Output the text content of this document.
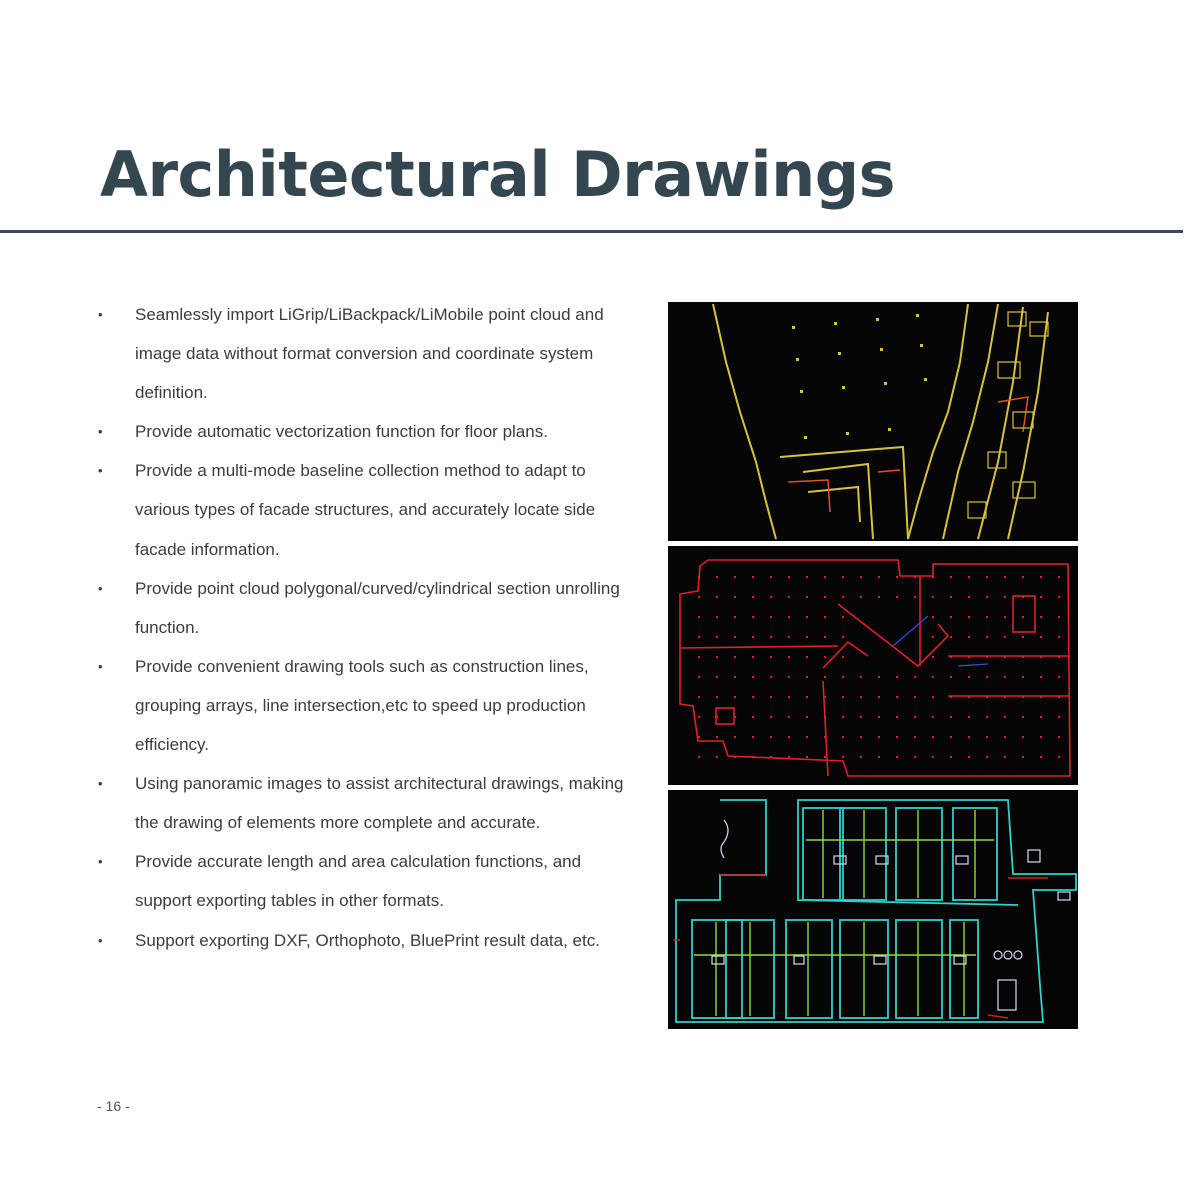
Architectural Drawings
• Seamlessly import LiGrip/LiBackpack/LiMobile point cloud and image data without format conversion and coordinate system definition.
• Provide automatic vectorization function for floor plans.
• Provide a multi-mode baseline collection method to adapt to various types of facade structures, and accurately locate side facade information.
• Provide point cloud polygonal/curved/cylindrical section unrolling function.
• Provide convenient drawing tools such as construction lines, grouping arrays, line intersection,etc to speed up production efficiency.
• Using panoramic images to assist architectural drawings, making the drawing of elements more complete and accurate.
• Provide accurate length and area calculation functions, and support exporting tables in other formats.
• Support exporting DXF, Orthophoto, BluePrint result data, etc.
- 16 -
